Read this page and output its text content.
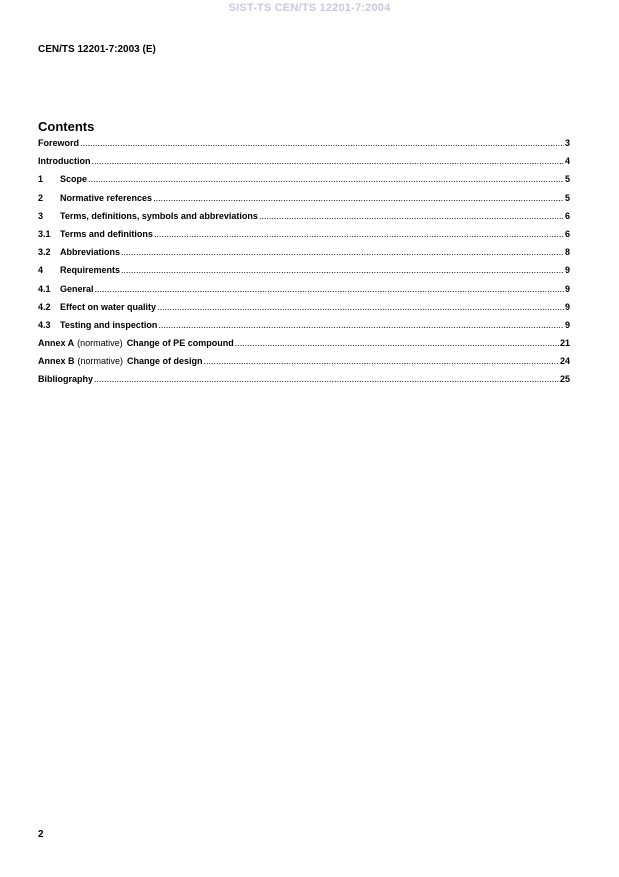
SIST-TS CEN/TS 12201-7:2004
CEN/TS 12201-7:2003 (E)
Contents
Foreword .....	3
Introduction .....	4
1	Scope .....	5
2	Normative references .....	5
3	Terms, definitions, symbols and abbreviations .....	6
3.1	Terms and definitions .....	6
3.2	Abbreviations .....	8
4	Requirements .....	9
4.1	General .....	9
4.2	Effect on water quality .....	9
4.3	Testing and inspection .....	9
Annex A (normative) Change of PE compound .....	21
Annex B (normative) Change of design .....	24
Bibliography .....	25
2
